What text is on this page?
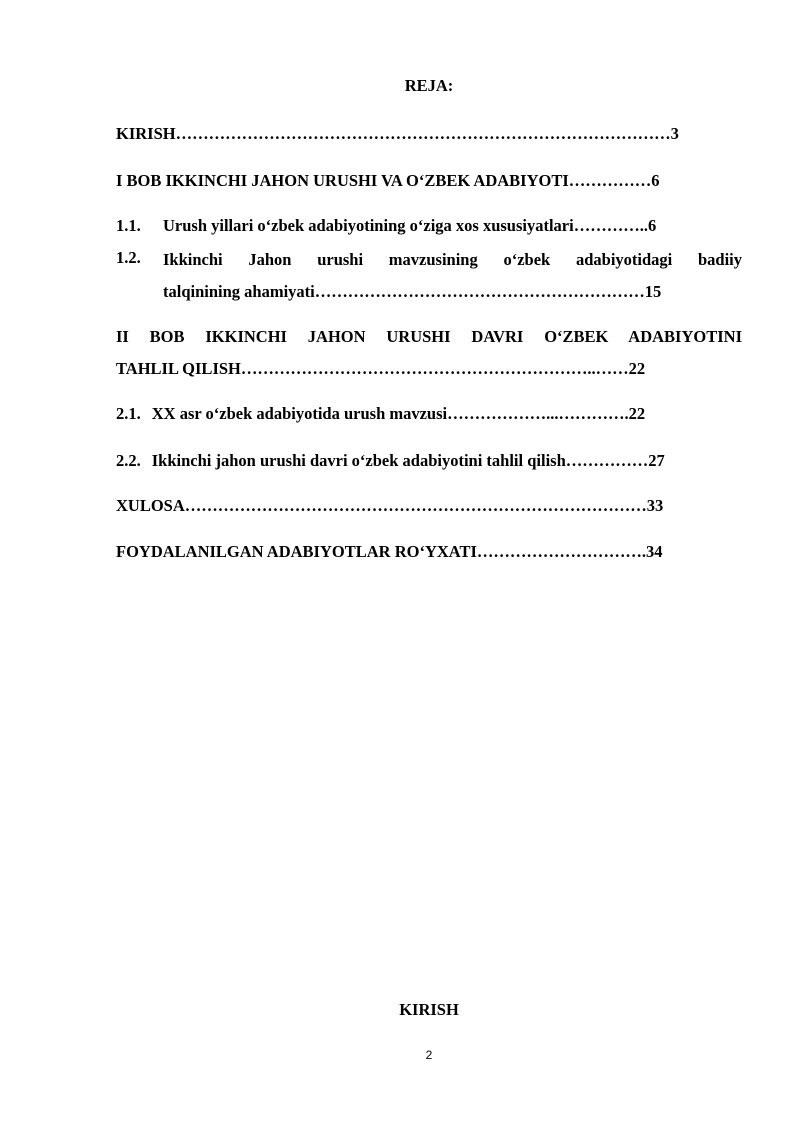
REJA:
KIRISH………………………………………………………………………………3
I BOB IKKINCHI JAHON URUSHI VA O‘ZBEK ADABIYOTI……………6
1.1. Urush yillari o‘zbek adabiyotining o‘ziga xos xususiyatlari…………..6
1.2. Ikkinchi Jahon urushi mavzusining o‘zbek adabiyotidagi badiiy
talqinining ahamiyati……………………………………………………15
II BOB IKKINCHI JAHON URUSHI DAVRI O‘ZBEK ADABIYOTINI
TAHLIL QILISH………………………………………………………..……22
2.1. XX asr o‘zbek adabiyotida urush mavzusi………………...………….22
2.2. Ikkinchi jahon urushi davri o‘zbek adabiyotini tahlil qilish……………27
XULOSA…………………………………………………………………………33
FOYDALANILGAN ADABIYOTLAR RO‘YXATI………………………….34
KIRISH
2
